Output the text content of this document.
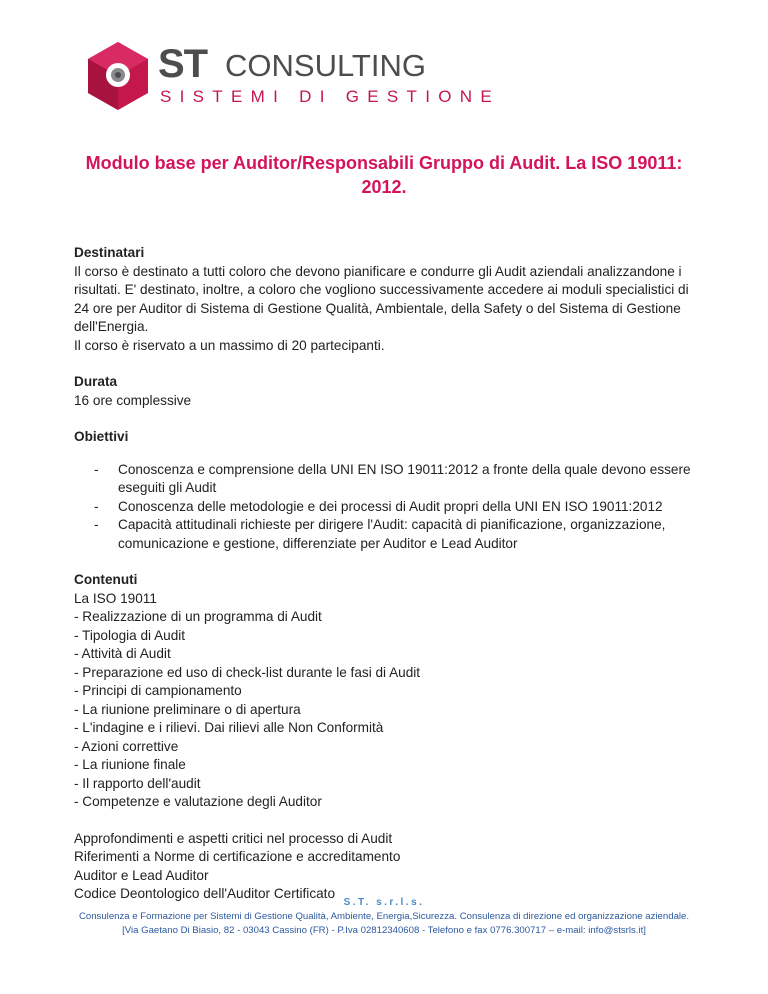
ST CONSULTING
SISTEMI DI GESTIONE
Modulo base per Auditor/Responsabili Gruppo di Audit. La ISO 19011: 2012.

Destinatari

Il corso è destinato a tutti coloro che devono pianificare e condurre gli Audit aziendali analizzandone i risultati. E' destinato, inoltre, a coloro che vogliono successivamente accedere ai moduli specialistici di 24 ore per Auditor di Sistema di Gestione Qualità, Ambientale, della Safety o del Sistema di Gestione dell'Energia.

Il corso è riservato a un massimo di 20 partecipanti.

Durata

16 ore complessive

Obiettivi

- Conoscenza e comprensione della UNI EN ISO 19011:2012 a fronte della quale devono essere eseguiti gli Audit
- Conoscenza delle metodologie e dei processi di Audit propri della UNI EN ISO 19011:2012
- Capacità attitudinali richieste per dirigere l'Audit: capacità di pianificazione, organizzazione, comunicazione e gestione, differenziate per Auditor e Lead Auditor

Contenuti

La ISO 19011

- Realizzazione di un programma di Audit

- Tipologia di Audit

- Attività di Audit

- Preparazione ed uso di check-list durante le fasi di Audit

- Principi di campionamento

- La riunione preliminare o di apertura

- L'indagine e i rilievi. Dai rilievi alle Non Conformità

- Azioni correttive

- La riunione finale

- Il rapporto dell'audit

- Competenze e valutazione degli Auditor

Approfondimenti e aspetti critici nel processo di Audit

Riferimenti a Norme di certificazione e accreditamento

Auditor e Lead Auditor

Codice Deontologico dell'Auditor Certificato

S.T. s.r.l.s.
Consulenza e Formazione per Sistemi di Gestione Qualità, Ambiente, Energia,Sicurezza. Consulenza di direzione ed organizzazione aziendale.
[Via Gaetano Di Biasio, 82 - 03043 Cassino (FR) - P.Iva 02812340608 - Telefono e fax 0776.300717 – e-mail: info@stsrls.it]
